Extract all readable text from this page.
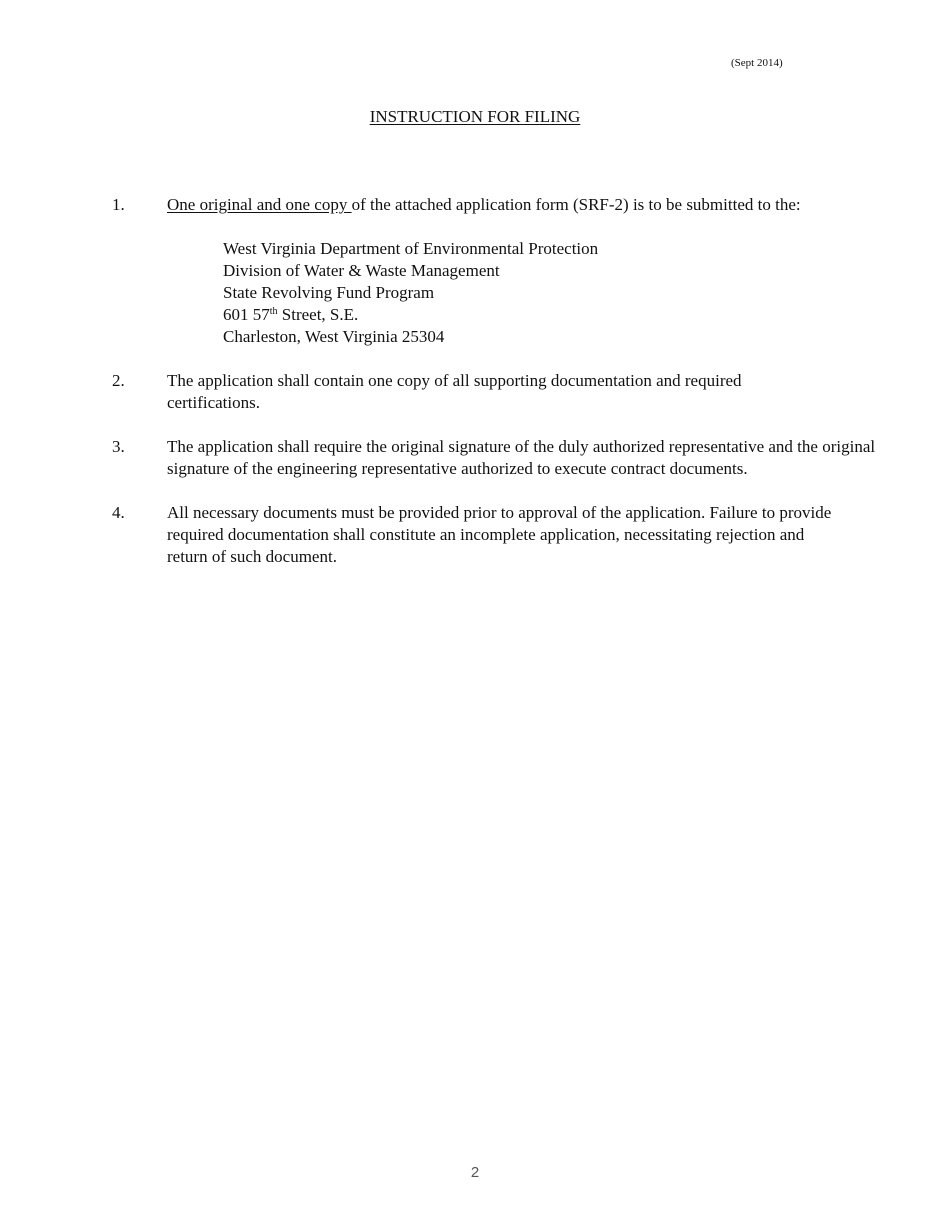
(Sept 2014)
INSTRUCTION FOR FILING
1. One original and one copy of the attached application form (SRF-2) is to be submitted to the:
West Virginia Department of Environmental Protection
Division of Water & Waste Management
State Revolving Fund Program
601 57th Street, S.E.
Charleston, West Virginia 25304
2. The application shall contain one copy of all supporting documentation and required certifications.
3. The application shall require the original signature of the duly authorized representative and the original signature of the engineering representative authorized to execute contract documents.
4. All necessary documents must be provided prior to approval of the application. Failure to provide required documentation shall constitute an incomplete application, necessitating rejection and return of such document.
2
